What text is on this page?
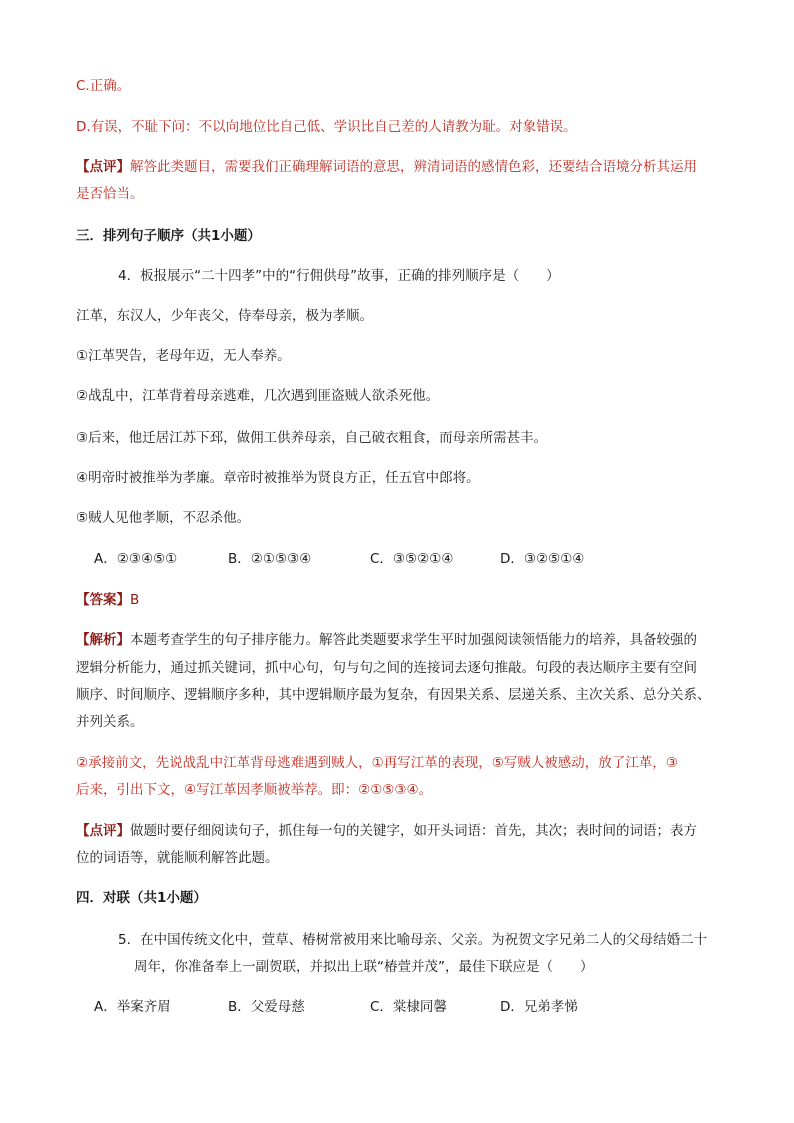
C.正确。
D.有误，不耻下问：不以向地位比自己低、学识比自己差的人请教为耻。对象错误。
【点评】解答此类题目，需要我们正确理解词语的意思，辨清词语的感情色彩，还要结合语境分析其运用
是否恰当。
三．排列句子顺序（共1小题）
4．板报展示“二十四孝”中的“行佣供母”故事，正确的排列顺序是（　　）
江革，东汉人，少年丧父，侍奉母亲，极为孝顺。
①江革哭告，老母年迈，无人奉养。
②战乱中，江革背着母亲逃难，几次遇到匪盗贼人欲杀死他。
③后来，他迁居江苏下邳，做佣工供养母亲，自己破衣粗食，而母亲所需甚丰。
④明帝时被推举为孝廉。章帝时被推举为贤良方正，任五官中郎将。
⑤贼人见他孝顺，不忍杀他。
A．②③④⑤①	B．②①⑤③④	C．③⑤②①④	D．③②⑤①④
【答案】B
【解析】本题考查学生的句子排序能力。解答此类题要求学生平时加强阅读领悟能力的培养，具备较强的
逻辑分析能力，通过抓关键词，抓中心句，句与句之间的连接词去逐句推敲。句段的表达顺序主要有空间
顺序、时间顺序、逻辑顺序多种，其中逻辑顺序最为复杂，有因果关系、层递关系、主次关系、总分关系、
并列关系。
②承接前文，先说战乱中江革背母逃难遇到贼人，①再写江革的表现，⑤写贼人被感动，放了江革，③
后来，引出下文，④写江革因孝顺被举荐。即：②①⑤③④。
【点评】做题时要仔细阅读句子，抓住每一句的关键字，如开头词语：首先，其次；表时间的词语；表方
位的词语等，就能顺利解答此题。
四．对联（共1小题）
5．在中国传统文化中，萱草、椿树常被用来比喻母亲、父亲。为祝贺文字兄弟二人的父母结婚二十
周年，你准备奉上一副贺联，并拟出上联“椿萱并茂”，最佳下联应是（　　）
A．举案齐眉	B．父爱母慈	C．棠棣同馨	D．兄弟孝悌
